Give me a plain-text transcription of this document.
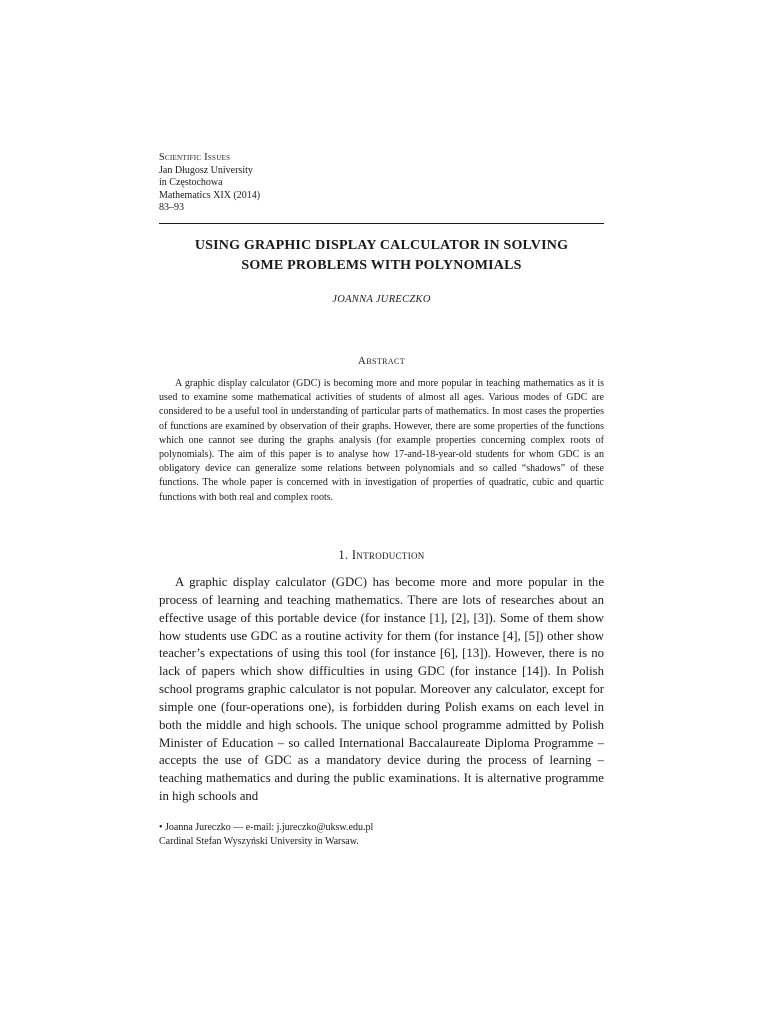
Scientific Issues
Jan Długosz University
in Częstochowa
Mathematics XIX (2014)
83–93
USING GRAPHIC DISPLAY CALCULATOR IN SOLVING
SOME PROBLEMS WITH POLYNOMIALS
JOANNA JURECZKO
Abstract
A graphic display calculator (GDC) is becoming more and more popular in teaching mathematics as it is used to examine some mathematical activities of students of almost all ages. Various modes of GDC are considered to be a useful tool in understanding of particular parts of mathematics. In most cases the properties of functions are examined by observation of their graphs. However, there are some properties of the functions which one cannot see during the graphs analysis (for example properties concerning complex roots of polynomials). The aim of this paper is to analyse how 17-and-18-year-old students for whom GDC is an obligatory device can generalize some relations between polynomials and so called “shadows” of these functions. The whole paper is concerned with in investigation of properties of quadratic, cubic and quartic functions with both real and complex roots.
1. Introduction
A graphic display calculator (GDC) has become more and more popular in the process of learning and teaching mathematics. There are lots of researches about an effective usage of this portable device (for instance [1], [2], [3]). Some of them show how students use GDC as a routine activity for them (for instance [4], [5]) other show teacher’s expectations of using this tool (for instance [6], [13]). However, there is no lack of papers which show difficulties in using GDC (for instance [14]). In Polish school programs graphic calculator is not popular. Moreover any calculator, except for simple one (four-operations one), is forbidden during Polish exams on each level in both the middle and high schools. The unique school programme admitted by Polish Minister of Education – so called International Baccalaureate Diploma Programme – accepts the use of GDC as a mandatory device during the process of learning – teaching mathematics and during the public examinations. It is alternative programme in high schools and
• Joanna Jureczko — e-mail: j.jureczko@uksw.edu.pl
Cardinal Stefan Wyszyński University in Warsaw.
